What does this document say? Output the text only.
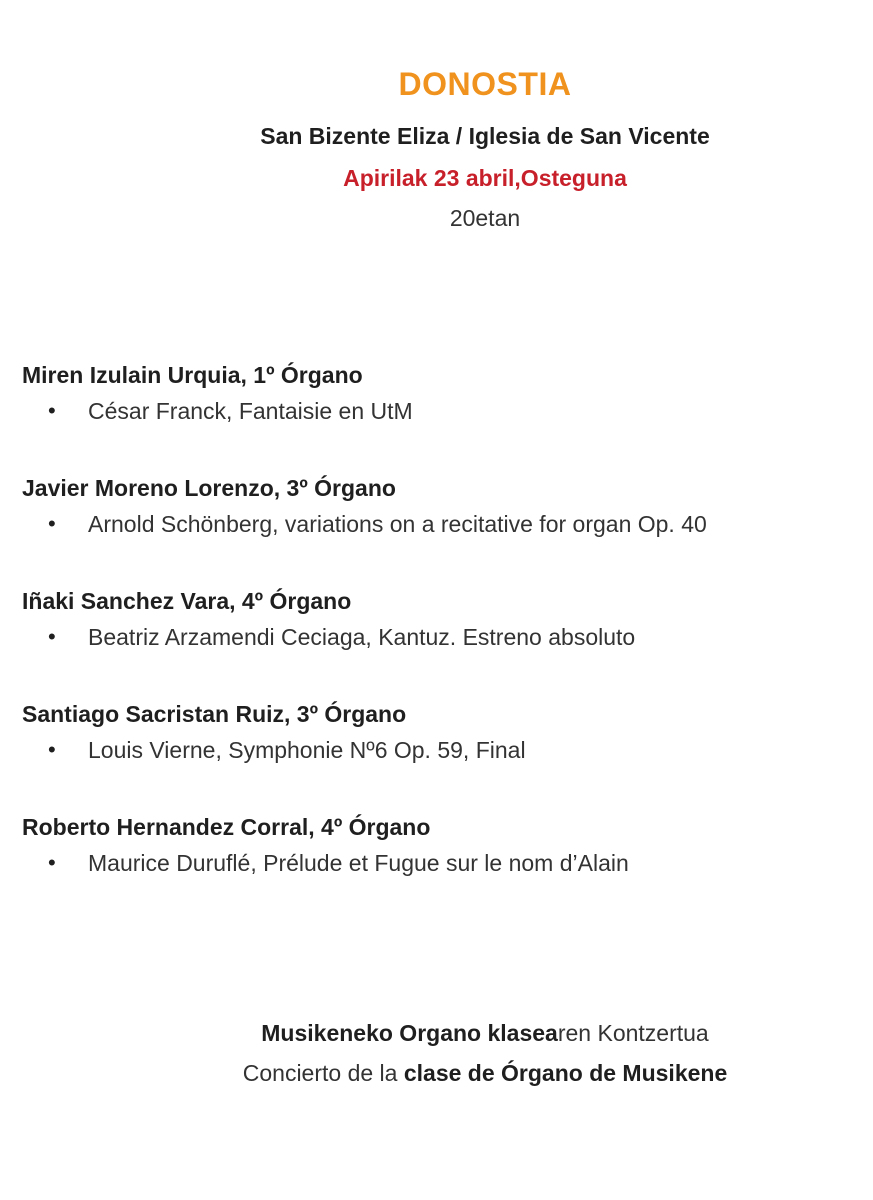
DONOSTIA
San Bizente Eliza / Iglesia de San Vicente
Apirilak 23 abril,Osteguna
20etan
Miren Izulain Urquia, 1º Órgano
• César Franck, Fantaisie en UtM
Javier Moreno Lorenzo, 3º Órgano
• Arnold Schönberg, variations on a recitative for organ Op. 40
Iñaki Sanchez Vara, 4º Órgano
• Beatriz Arzamendi Ceciaga, Kantuz. Estreno absoluto
Santiago Sacristan Ruiz, 3º Órgano
• Louis Vierne, Symphonie Nº6 Op. 59, Final
Roberto Hernandez Corral, 4º Órgano
• Maurice Duruflé, Prélude et Fugue sur le nom d’Alain
Musikeneko Organo klasearen Kontzertua
Concierto de la clase de Órgano de Musikene
